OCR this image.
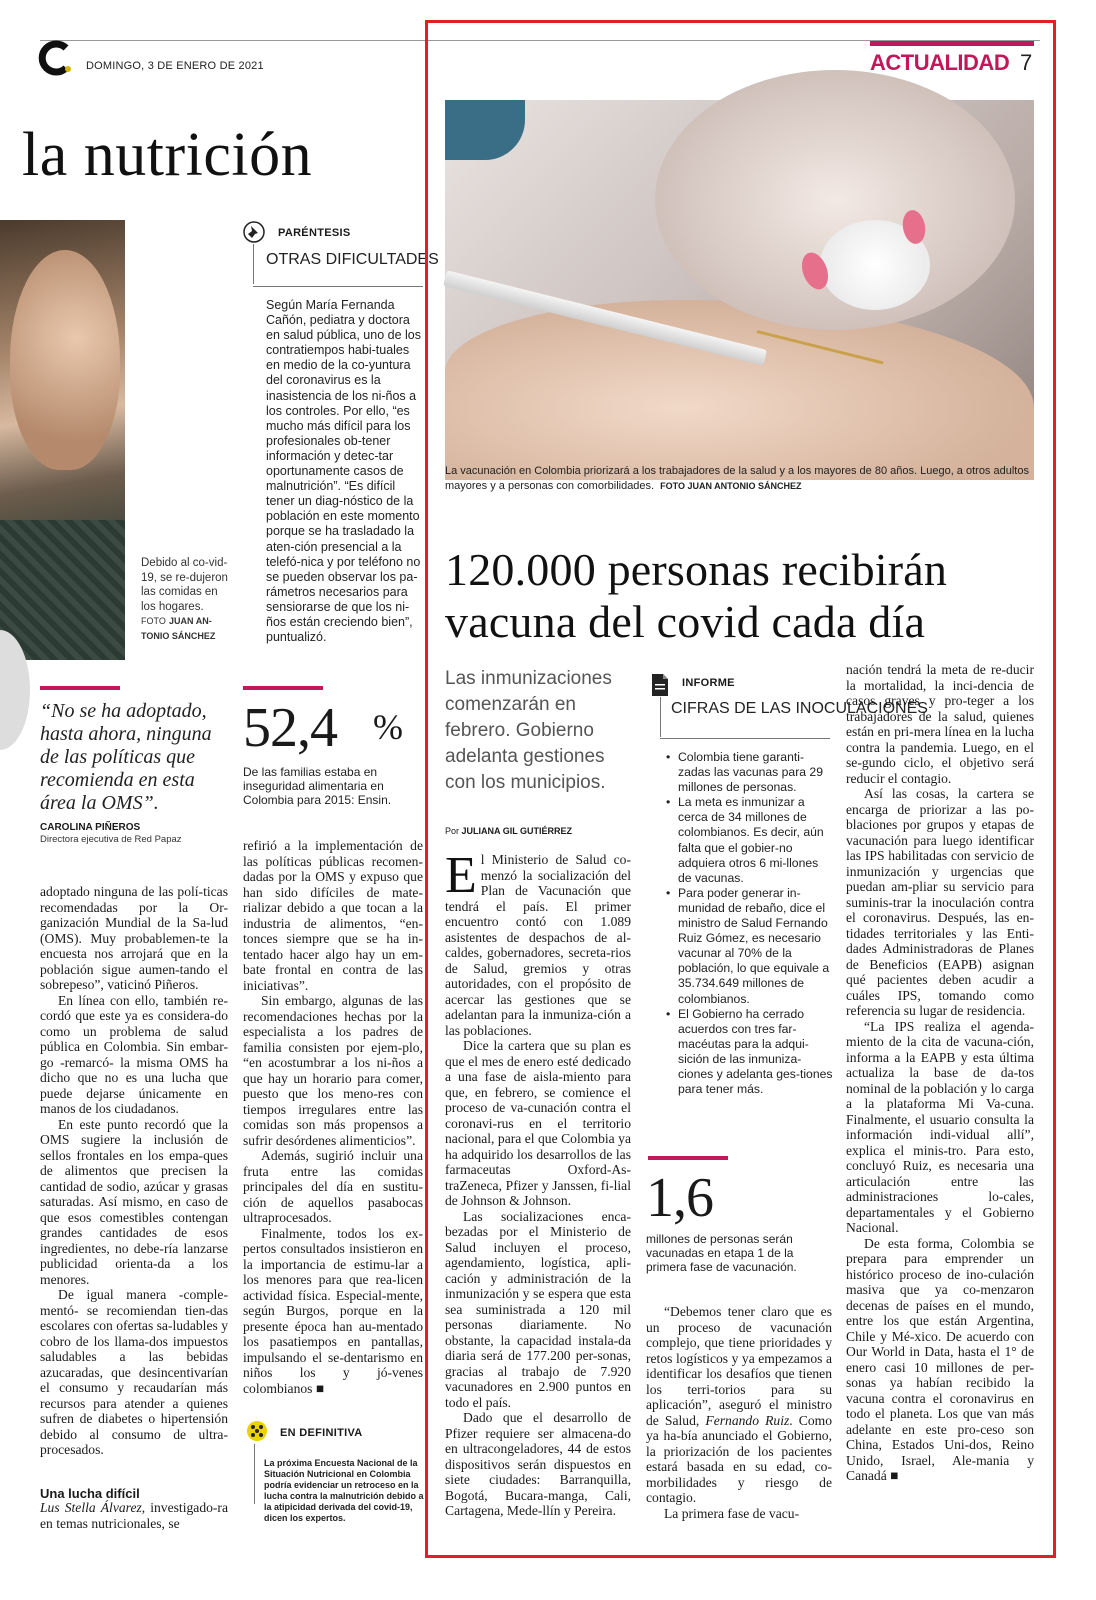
DOMINGO, 3 DE ENERO DE 2021	ACTUALIDAD 7
la nutrición
Debido al co-vid-19, se re-dujeron las comidas en los hogares. FOTO JUAN AN-TONIO SÁNCHEZ
PARÉNTESIS
OTRAS DIFICULTADES
Según María Fernanda Cañón, pediatra y doctora en salud pública, uno de los contratiempos habi-tuales en medio de la co-yuntura del coronavirus es la inasistencia de los ni-ños a los controles. Por ello, “es mucho más difícil para los profesionales ob-tener información y detec-tar oportunamente casos de malnutrición”. “Es difícil tener un diag-nóstico de la población en este momento porque se ha trasladado la aten-ción presencial a la telefó-nica y por teléfono no se pueden observar los pa-rámetros necesarios para sensiorarse de que los ni-ños están creciendo bien”, puntualizó.
“No se ha adoptado, hasta ahora, ninguna de las políticas que recomienda en esta área la OMS”.
CAROLINA PIÑEROS
Directora ejecutiva de Red Papaz
52,4 %
De las familias estaba en inseguridad alimentaria en Colombia para 2015: Ensin.

adoptado ninguna de las polí-ticas recomendadas por la Or-ganización Mundial de la Sa-lud (OMS). Muy probablemen-te la encuesta nos arrojará que en la población sigue aumen-tando el sobrepeso”, vaticinó Piñeros.

En línea con ello, también re-cordó que este ya es considera-do como un problema de salud pública en Colombia. Sin embar-go -remarcó- la misma OMS ha dicho que no es una lucha que puede dejarse únicamente en manos de los ciudadanos.

En este punto recordó que la OMS sugiere la inclusión de sellos frontales en los empa-ques de alimentos que precisen la cantidad de sodio, azúcar y grasas saturadas. Así mismo, en caso de que esos comestibles contengan grandes cantidades de esos ingredientes, no debe-ría lanzarse publicidad orienta-da a los menores.

De igual manera -comple-mentó- se recomiendan tien-das escolares con ofertas sa-ludables y cobro de los llama-dos impuestos saludables a las bebidas azucaradas, que desincentivarían el consumo y recaudarían más recursos para atender a quienes sufren de diabetes o hipertensión debido al consumo de ultra-procesados.

Una lucha difícil

Lus Stella Álvarez, investigado-ra en temas nutricionales, se

refirió a la implementación de las políticas públicas recomen-dadas por la OMS y expuso que han sido difíciles de mate-rializar debido a que tocan a la industria de alimentos, “en-tonces siempre que se ha in-tentado hacer algo hay un em-bate frontal en contra de las iniciativas”.

Sin embargo, algunas de las recomendaciones hechas por la especialista a los padres de familia consisten por ejem-plo, “en acostumbrar a los ni-ños a que hay un horario para comer, puesto que los meno-res con tiempos irregulares entre las comidas son más propensos a sufrir desórdenes alimenticios”.

Además, sugirió incluir una fruta entre las comidas principales del día en sustitu-ción de aquellos pasabocas ultraprocesados.

Finalmente, todos los ex-pertos consultados insistieron en la importancia de estimu-lar a los menores para que rea-licen actividad física. Especial-mente, según Burgos, porque en la presente época han au-mentado los pasatiempos en pantallas, impulsando el se-dentarismo en niños los y jó-venes colombianos ■

EN DEFINITIVA
La próxima Encuesta Nacional de la Situación Nutricional en Colombia podría evidenciar un retroceso en la lucha contra la malnutrición debido a la atipicidad derivada del covid-19, dicen los expertos.
La vacunación en Colombia priorizará a los trabajadores de la salud y a los mayores de 80 años. Luego, a otros adultos mayores y a personas con comorbilidades. FOTO JUAN ANTONIO SÁNCHEZ
120.000 personas recibirán vacuna del covid cada día
Las inmunizaciones comenzarán en febrero. Gobierno adelanta gestiones con los municipios.
Por JULIANA GIL GUTIÉRREZ

El Ministerio de Salud co-menzó la socialización del Plan de Vacunación que tendrá el país. El primer encuentro contó con 1.089 asistentes de despachos de al-caldes, gobernadores, secreta-rios de Salud, gremios y otras autoridades, con el propósito de acercar las gestiones que se adelantan para la inmuniza-ción a las poblaciones.

Dice la cartera que su plan es que el mes de enero esté dedicado a una fase de aisla-miento para que, en febrero, se comience el proceso de va-cunación contra el coronavi-rus en el territorio nacional, para el que Colombia ya ha adquirido los desarrollos de las farmaceutas Oxford-As-traZeneca, Pfizer y Janssen, fi-lial de Johnson & Johnson.

Las socializaciones enca-bezadas por el Ministerio de Salud incluyen el proceso, agendamiento, logística, apli-cación y administración de la inmunización y se espera que esta sea suministrada a 120 mil personas diariamente. No obstante, la capacidad instala-da diaria será de 177.200 per-sonas, gracias al trabajo de 7.920 vacunadores en 2.900 puntos en todo el país.

Dado que el desarrollo de Pfizer requiere ser almacena-do en ultracongeladores, 44 de estos dispositivos serán dispuestos en siete ciudades: Barranquilla, Bogotá, Bucara-manga, Cali, Cartagena, Mede-llín y Pereira.

INFORME
CIFRAS DE LAS INOCULACIONES
• Colombia tiene garanti-zadas las vacunas para 29 millones de personas.
• La meta es inmunizar a cerca de 34 millones de colombianos. Es decir, aún falta que el gobier-no adquiera otros 6 mi-llones de vacunas.
• Para poder generar in-munidad de rebaño, dice el ministro de Salud Fernando Ruiz Gómez, es necesario vacunar al 70% de la población, lo que equivale a 35.734.649 millones de colombianos.
• El Gobierno ha cerrado acuerdos con tres far-macéutas para la adqui-sición de las inmuniza-ciones y adelanta ges-tiones para tener más.
1,6
millones de personas serán vacunadas en etapa 1 de la primera fase de vacunación.

“Debemos tener claro que es un proceso de vacunación complejo, que tiene prioridades y retos logísticos y ya empezamos a identificar los desafíos que tienen los terri-torios para su aplicación”, aseguró el ministro de Salud, Fernando Ruiz. Como ya ha-bía anunciado el Gobierno, la priorización de los pacientes estará basada en su edad, co-morbilidades y riesgo de contagio.

La primera fase de vacu-

nación tendrá la meta de re-ducir la mortalidad, la inci-dencia de casos graves y pro-teger a los trabajadores de la salud, quienes están en pri-mera línea en la lucha contra la pandemia. Luego, en el se-gundo ciclo, el objetivo será reducir el contagio.

Así las cosas, la cartera se encarga de priorizar a las po-blaciones por grupos y etapas de vacunación para luego identificar las IPS habilitadas con servicio de inmunización y urgencias que puedan am-pliar su servicio para suminis-trar la inoculación contra el coronavirus. Después, las en-tidades territoriales y las Enti-dades Administradoras de Planes de Beneficios (EAPB) asignan qué pacientes deben acudir a cuáles IPS, tomando como referencia su lugar de residencia.

“La IPS realiza el agenda-miento de la cita de vacuna-ción, informa a la EAPB y esta última actualiza la base de da-tos nominal de la población y lo carga a la plataforma Mi Va-cuna. Finalmente, el usuario consulta la información indi-vidual allí”, explica el minis-tro. Para esto, concluyó Ruiz, es necesaria una articulación entre las administraciones lo-cales, departamentales y el Gobierno Nacional.

De esta forma, Colombia se prepara para emprender un histórico proceso de ino-culación masiva que ya co-menzaron decenas de países en el mundo, entre los que están Argentina, Chile y Mé-xico. De acuerdo con Our World in Data, hasta el 1° de enero casi 10 millones de per-sonas ya habían recibido la vacuna contra el coronavirus en todo el planeta. Los que van más adelante en este pro-ceso son China, Estados Uni-dos, Reino Unido, Israel, Ale-mania y Canadá ■
